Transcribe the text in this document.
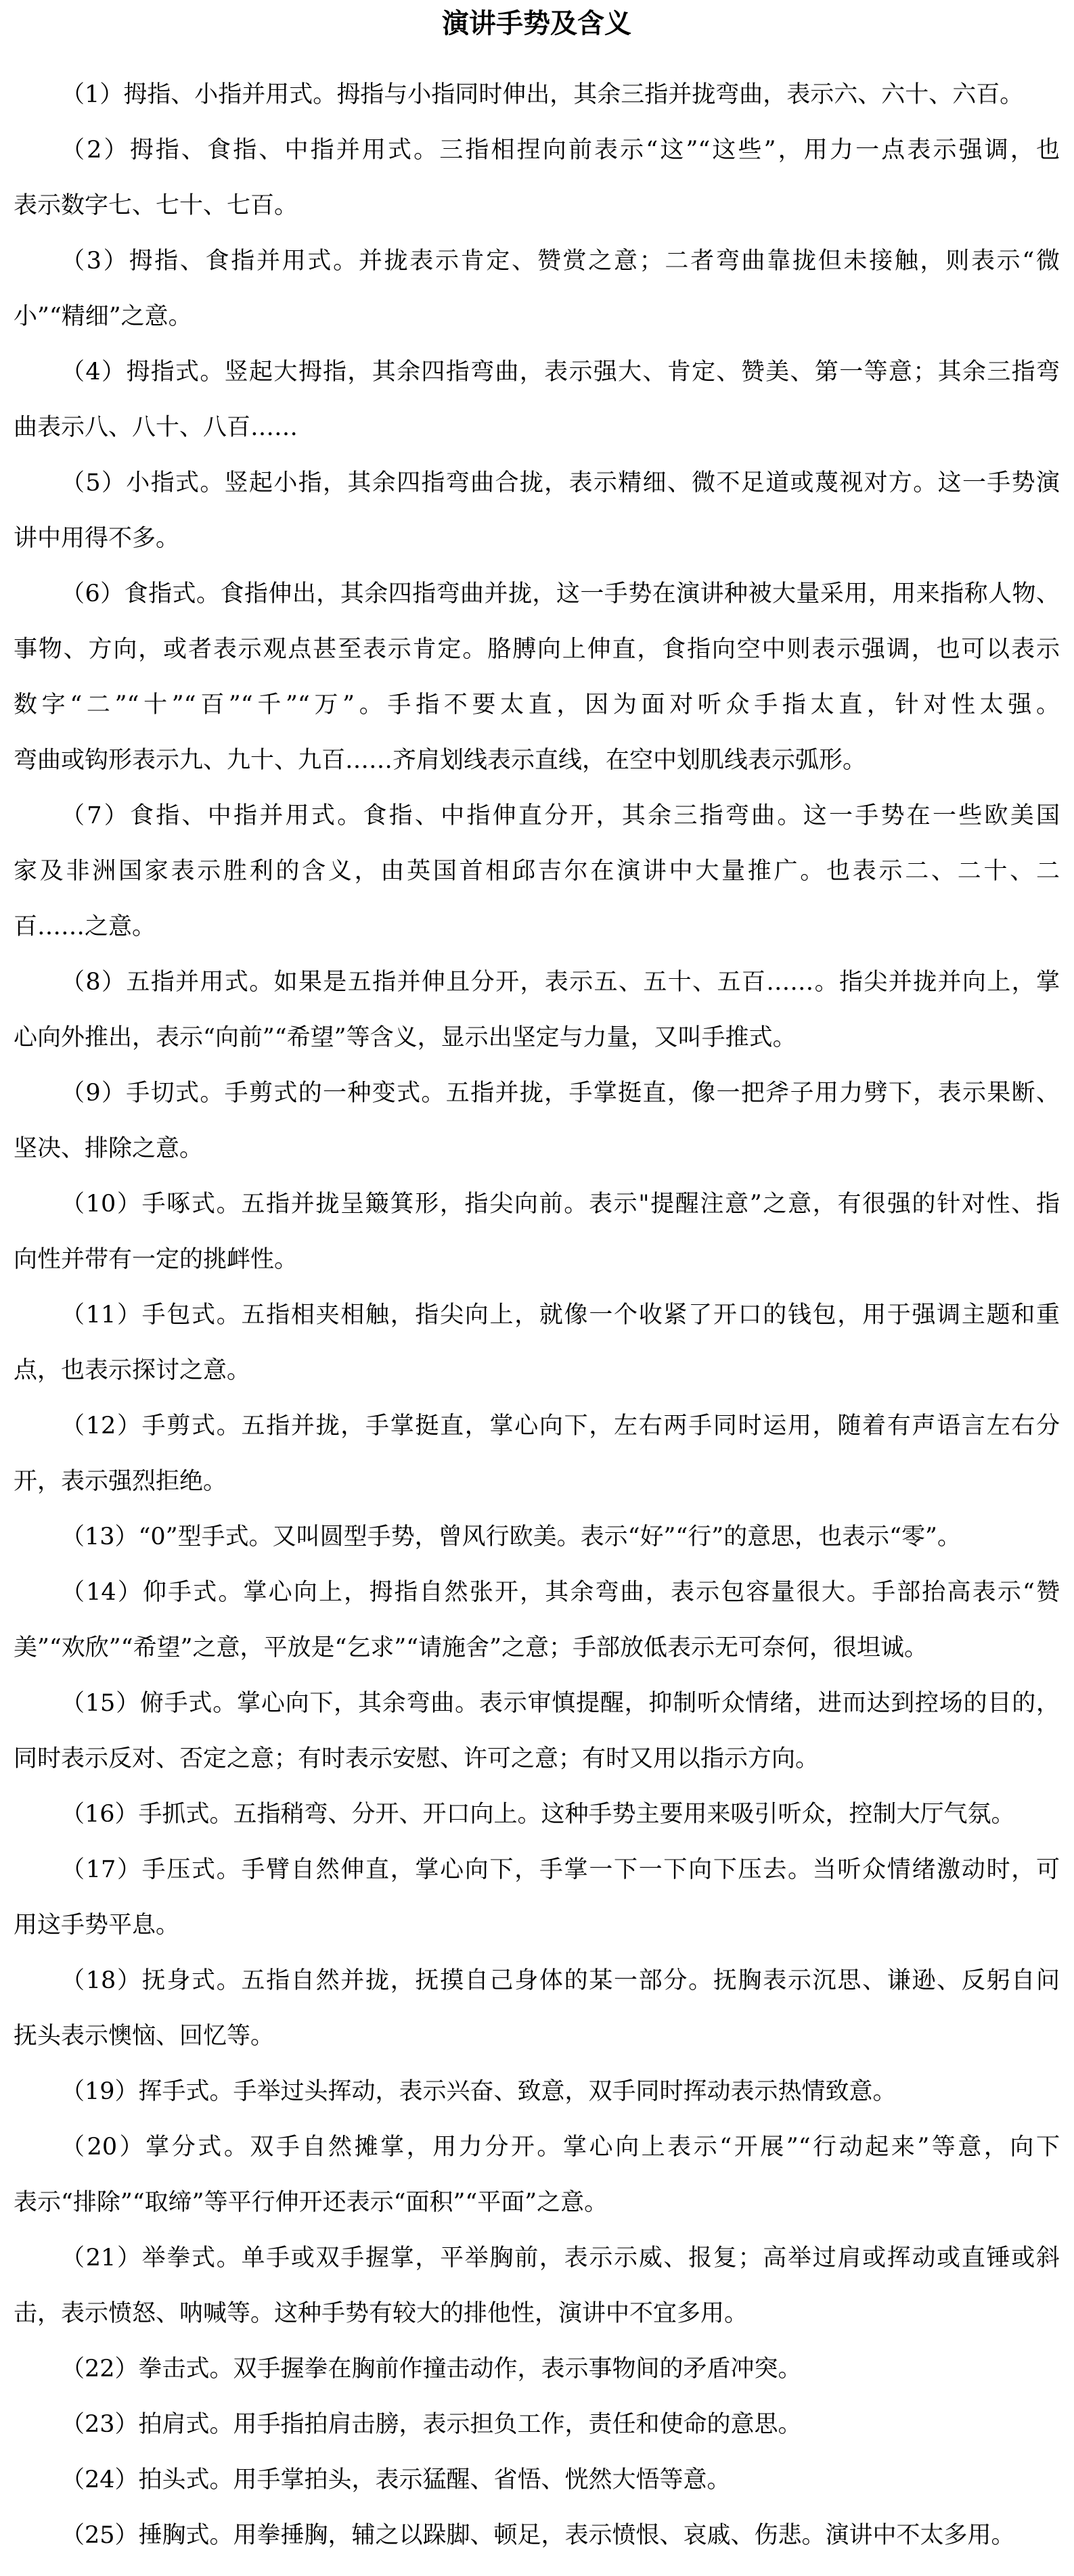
演讲手势及含义
（1）拇指、小指并用式。拇指与小指同时伸出，其余三指并拢弯曲，表示六、六十、六百。
（2）拇指、食指、中指并用式。三指相捏向前表示“这”“这些”，用力一点表示强调，也
表示数字七、七十、七百。
（3）拇指、食指并用式。并拢表示肯定、赞赏之意；二者弯曲靠拢但未接触，则表示“微
小”“精细”之意。
（4）拇指式。竖起大拇指，其余四指弯曲，表示强大、肯定、赞美、第一等意；其余三指弯
曲表示八、八十、八百……
（5）小指式。竖起小指，其余四指弯曲合拢，表示精细、微不足道或蔑视对方。这一手势演
讲中用得不多。
（6）食指式。食指伸出，其余四指弯曲并拢，这一手势在演讲种被大量采用，用来指称人物、
事物、方向，或者表示观点甚至表示肯定。胳膊向上伸直，食指向空中则表示强调，也可以表示
数字“二”“十”“百”“千”“万”。手指不要太直，因为面对听众手指太直，针对性太强。
弯曲或钩形表示九、九十、九百……齐肩划线表示直线，在空中划肌线表示弧形。
（7）食指、中指并用式。食指、中指伸直分开，其余三指弯曲。这一手势在一些欧美国
家及非洲国家表示胜利的含义，由英国首相邱吉尔在演讲中大量推广。也表示二、二十、二
百……之意。
（8）五指并用式。如果是五指并伸且分开，表示五、五十、五百……。指尖并拢并向上，掌
心向外推出，表示“向前”“希望”等含义，显示出坚定与力量，又叫手推式。
（9）手切式。手剪式的一种变式。五指并拢，手掌挺直，像一把斧子用力劈下，表示果断、
坚决、排除之意。
（10）手啄式。五指并拢呈簸箕形，指尖向前。表示"提醒注意”之意，有很强的针对性、指
向性并带有一定的挑衅性。
（11）手包式。五指相夹相触，指尖向上，就像一个收紧了开口的钱包，用于强调主题和重
点，也表示探讨之意。
（12）手剪式。五指并拢，手掌挺直，掌心向下，左右两手同时运用，随着有声语言左右分
开，表示强烈拒绝。
（13）“0”型手式。又叫圆型手势，曾风行欧美。表示“好”“行”的意思，也表示“零”。
（14）仰手式。掌心向上，拇指自然张开，其余弯曲，表示包容量很大。手部抬高表示“赞
美”“欢欣”“希望”之意，平放是“乞求”“请施舍”之意；手部放低表示无可奈何，很坦诚。
（15）俯手式。掌心向下，其余弯曲。表示审慎提醒，抑制听众情绪，进而达到控场的目的，
同时表示反对、否定之意；有时表示安慰、许可之意；有时又用以指示方向。
（16）手抓式。五指稍弯、分开、开口向上。这种手势主要用来吸引听众，控制大厅气氛。
（17）手压式。手臂自然伸直，掌心向下，手掌一下一下向下压去。当听众情绪激动时，可
用这手势平息。
（18）抚身式。五指自然并拢，抚摸自己身体的某一部分。抚胸表示沉思、谦逊、反躬自问
抚头表示懊恼、回忆等。
（19）挥手式。手举过头挥动，表示兴奋、致意，双手同时挥动表示热情致意。
（20）掌分式。双手自然摊掌，用力分开。掌心向上表示“开展”“行动起来”等意，向下
表示“排除”“取缔”等平行伸开还表示“面积”“平面”之意。
（21）举拳式。单手或双手握掌，平举胸前，表示示威、报复；高举过肩或挥动或直锤或斜
击，表示愤怒、呐喊等。这种手势有较大的排他性，演讲中不宜多用。
（22）拳击式。双手握拳在胸前作撞击动作，表示事物间的矛盾冲突。
（23）拍肩式。用手指拍肩击膀，表示担负工作，责任和使命的意思。
（24）拍头式。用手掌拍头，表示猛醒、省悟、恍然大悟等意。
（25）捶胸式。用拳捶胸，辅之以跺脚、顿足，表示愤恨、哀戚、伤悲。演讲中不太多用。
